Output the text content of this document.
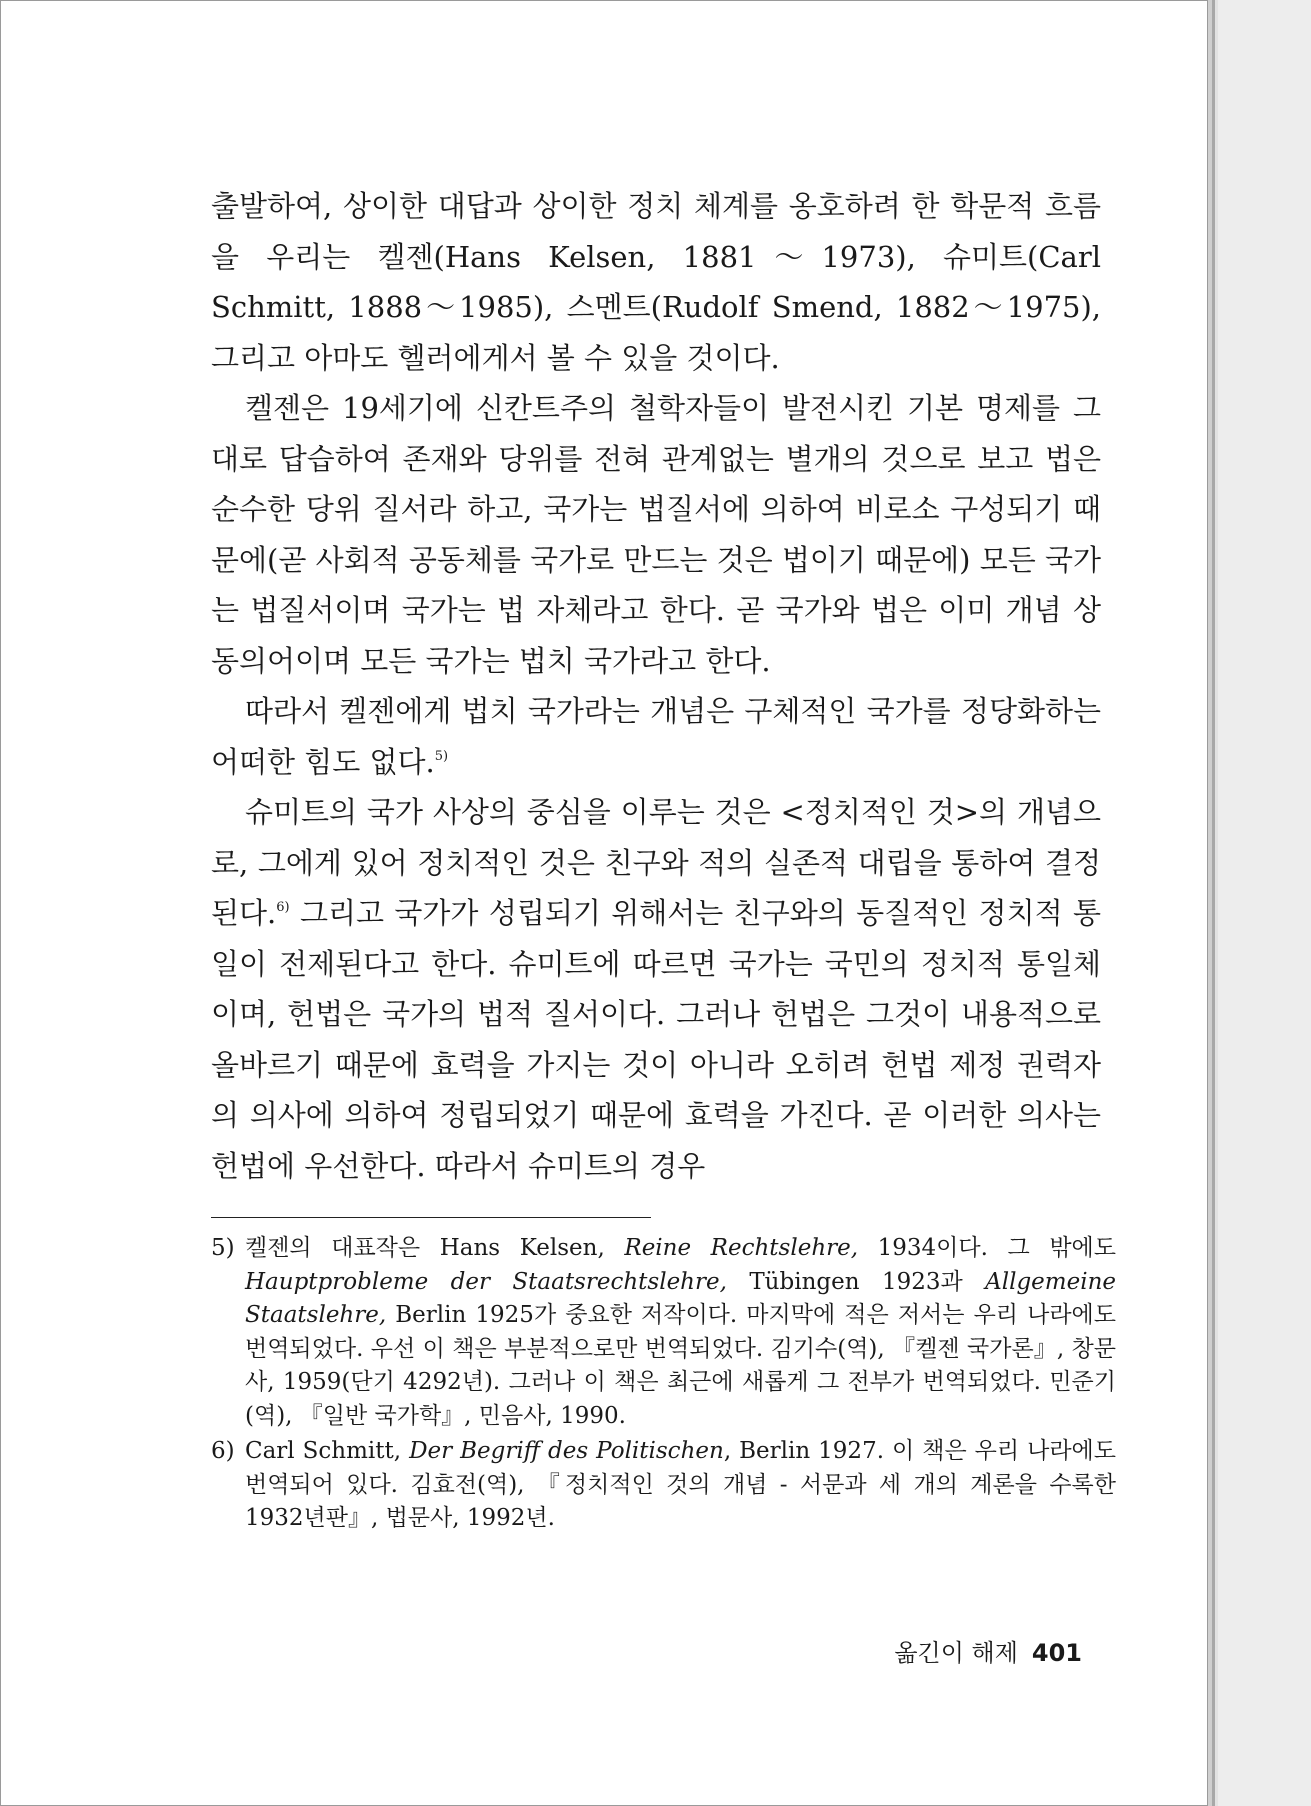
출발하여, 상이한 대답과 상이한 정치 체계를 옹호하려 한 학문적 흐름을 우리는 켈젠(Hans Kelsen, 1881～1973), 슈미트(Carl Schmitt, 1888～1985), 스멘트(Rudolf Smend, 1882～1975), 그리고 아마도 헬러에게서 볼 수 있을 것이다.

켈젠은 19세기에 신칸트주의 철학자들이 발전시킨 기본 명제를 그대로 답습하여 존재와 당위를 전혀 관계없는 별개의 것으로 보고 법은 순수한 당위 질서라 하고, 국가는 법질서에 의하여 비로소 구성되기 때문에(곧 사회적 공동체를 국가로 만드는 것은 법이기 때문에) 모든 국가는 법질서이며 국가는 법 자체라고 한다. 곧 국가와 법은 이미 개념 상 동의어이며 모든 국가는 법치 국가라고 한다.

따라서 켈젠에게 법치 국가라는 개념은 구체적인 국가를 정당화하는 어떠한 힘도 없다.$^{5)}$

슈미트의 국가 사상의 중심을 이루는 것은 <정치적인 것>의 개념으로, 그에게 있어 정치적인 것은 친구와 적의 실존적 대립을 통하여 결정된다.$^{6)}$ 그리고 국가가 성립되기 위해서는 친구와의 동질적인 정치적 통일이 전제된다고 한다. 슈미트에 따르면 국가는 국민의 정치적 통일체이며, 헌법은 국가의 법적 질서이다. 그러나 헌법은 그것이 내용적으로 올바르기 때문에 효력을 가지는 것이 아니라 오히려 헌법 제정 권력자의 의사에 의하여 정립되었기 때문에 효력을 가진다. 곧 이러한 의사는 헌법에 우선한다. 따라서 슈미트의 경우

5) 켈젠의 대표작은 Hans Kelsen, Reine Rechtslehre, 1934이다. 그 밖에도 Hauptprobleme der Staatsrechtslehre, Tübingen 1923과 Allgemeine Staatslehre, Berlin 1925가 중요한 저작이다. 마지막에 적은 저서는 우리 나라에도 번역되었다. 우선 이 책은 부분적으로만 번역되었다. 김기수(역), 『켈젠 국가론』, 창문사, 1959(단기 4292년). 그러나 이 책은 최근에 새롭게 그 전부가 번역되었다. 민준기(역), 『일반 국가학』, 민음사, 1990.
6) Carl Schmitt, Der Begriff des Politischen, Berlin 1927. 이 책은 우리 나라에도 번역되어 있다. 김효전(역), 『정치적인 것의 개념 - 서문과 세 개의 계론을 수록한 1932년판』, 법문사, 1992년.
옮긴이 해제 401
